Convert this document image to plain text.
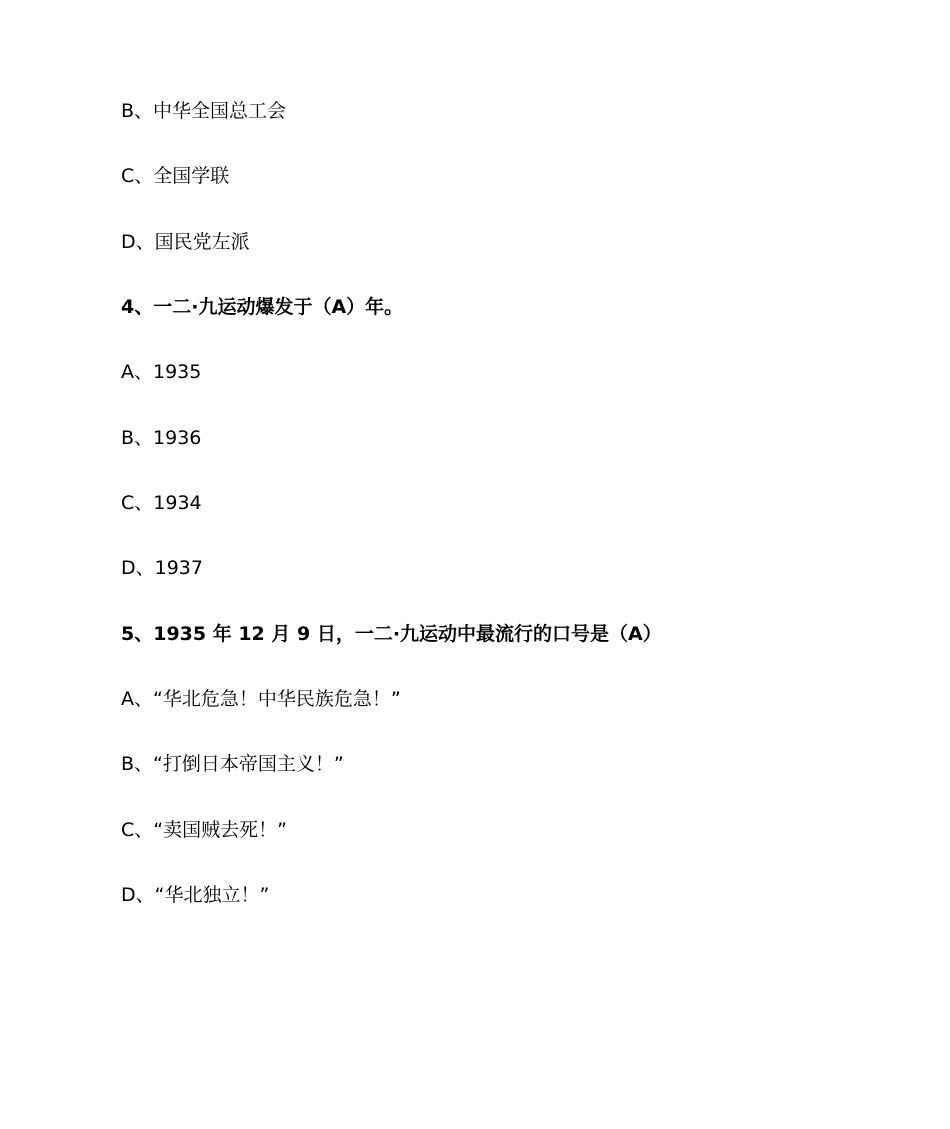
B、中华全国总工会
C、全国学联
D、国民党左派
4、一二·九运动爆发于（A）年。
A、1935
B、1936
C、1934
D、1937
5、1935 年 12 月 9 日，一二·九运动中最流行的口号是（A）
A、“华北危急！中华民族危急！”
B、“打倒日本帝国主义！”
C、“卖国贼去死！”
D、“华北独立！”
